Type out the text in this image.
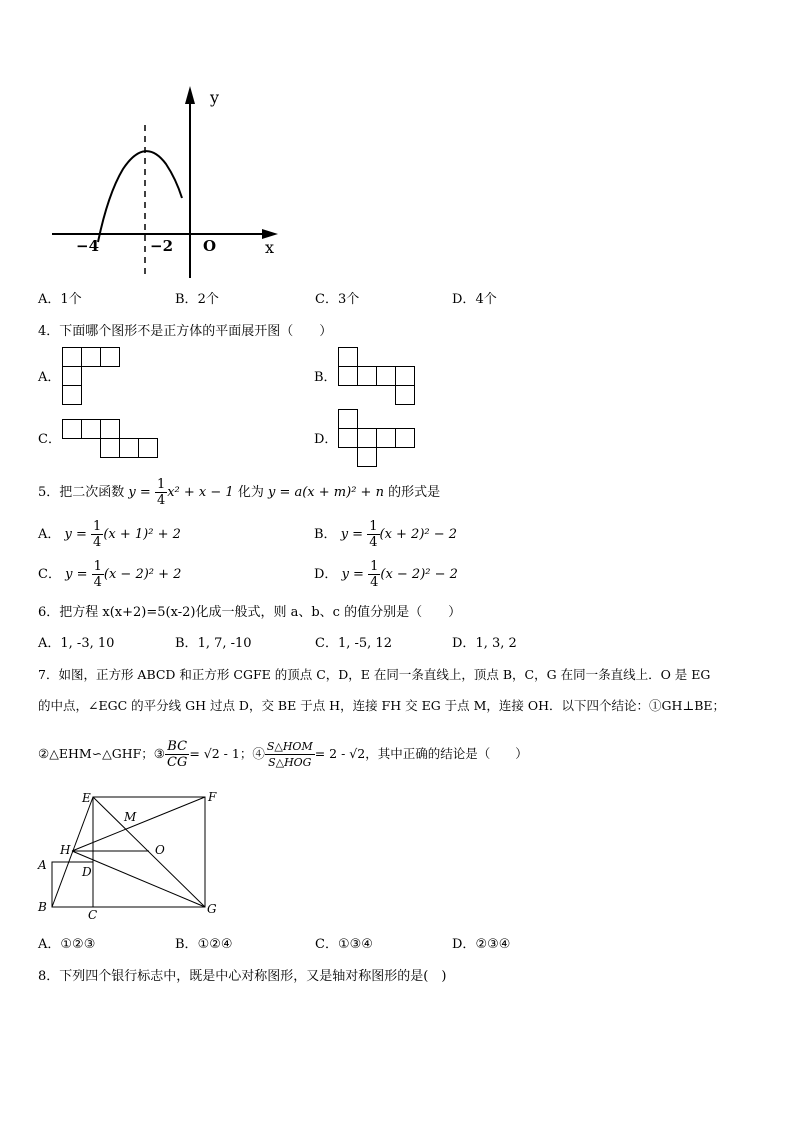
y
x
−4	−2 O
A．1个	B．2个	C．3个	D．4个
4．下面哪个图形不是正方体的平面展开图（　　）
A．	B．
C．	D．
5．把二次函数 $y = \frac{1}{4} x^2 + x - 1$ 化为 y = a(x + m)² + n 的形式是
A． $y = \frac{1}{4} (x + 1)^2 + 2$	B． $y = \frac{1}{4} (x + 2)^2 - 2$
C． $y = \frac{1}{4} (x - 2)^2 + 2$	D． $y = \frac{1}{4} (x - 2)^2 - 2$
6．把方程 x(x+2)=5(x-2)化成一般式，则 a、b、c 的值分别是（　　）
A．1, -3, 10	B．1, 7, -10	C．1, -5, 12	D．1, 3, 2
7．如图，正方形 ABCD 和正方形 CGFE 的顶点 C，D，E 在同一条直线上，顶点 B，C，G 在同一条直线上．O 是 EG
的中点，∠EGC 的平分线 GH 过点 D，交 BE 于点 H，连接 FH 交 EG 于点 M，连接 OH．以下四个结论：①GH⊥BE；
②△EHM∽△GHF；③ $\frac{BC}{CG} = √2 - 1$；④ $\frac{\text{S△HOM}}{\text{S△HOG}} = 2 - √2$，其中正确的结论是（　　）
E	F
M
H	O
A	D
B
C	G
A．①②③	B．①②④	C．①③④	D．②③④
8．下列四个银行标志中，既是中心对称图形，又是轴对称图形的是(　)
